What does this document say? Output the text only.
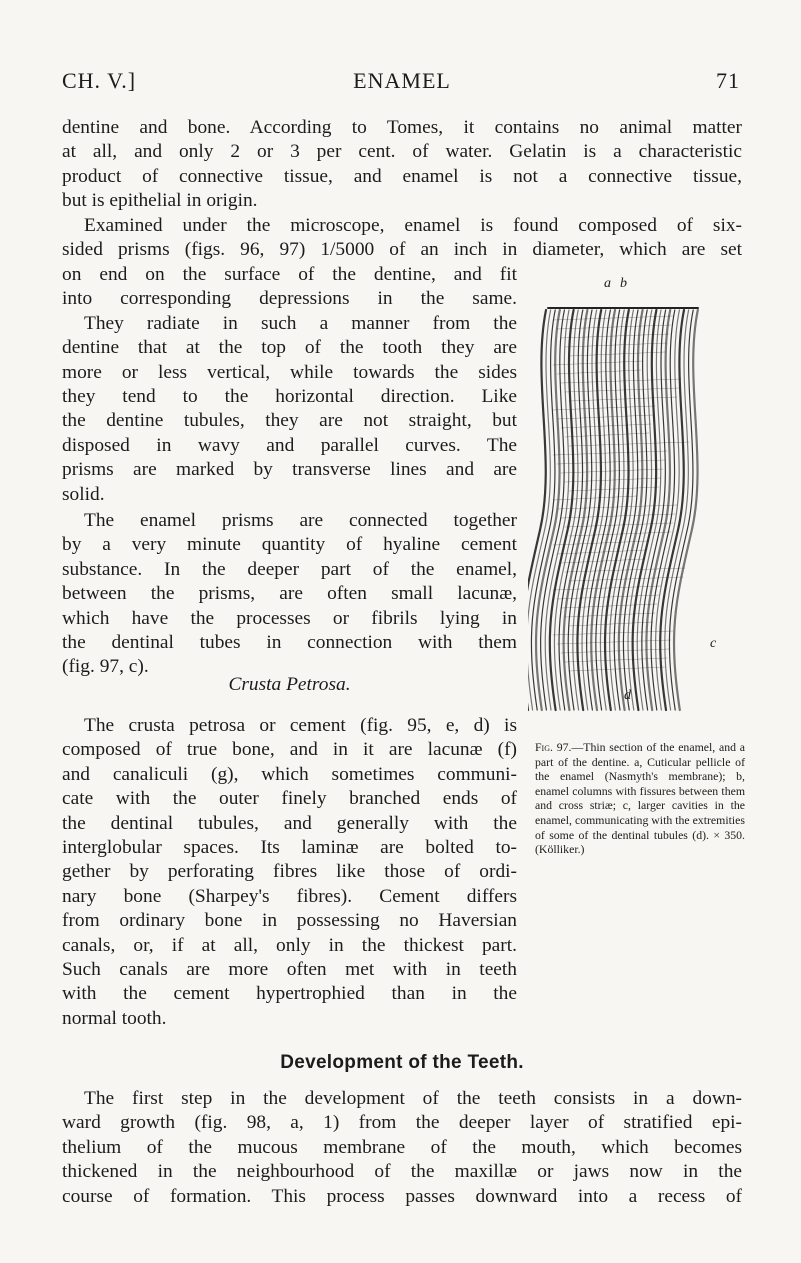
CH. V.]	ENAMEL	71
dentine and bone. According to Tomes, it contains no animal matter
at all, and only 2 or 3 per cent. of water. Gelatin is a characteristic
product of connective tissue, and enamel is not a connective tissue,
but is epithelial in origin.
Examined under the microscope, enamel is found composed of six-
sided prisms (figs. 96, 97) 1/5000 of an inch in diameter, which are set
on end on the surface of the dentine, and fit
into corresponding depressions in the same.
They radiate in such a manner from the
dentine that at the top of the tooth they are
more or less vertical, while towards the sides
they tend to the horizontal direction. Like
the dentine tubules, they are not straight, but
disposed in wavy and parallel curves. The
prisms are marked by transverse lines and are
solid.
The enamel prisms are connected together
by a very minute quantity of hyaline cement
substance. In the deeper part of the enamel,
between the prisms, are often small lacunæ,
which have the processes or fibrils lying in
the dentinal tubes in connection with them
(fig. 97, c).
Crusta Petrosa.
The crusta petrosa or cement (fig. 95, e, d) is
composed of true bone, and in it are lacunæ (f)
and canaliculi (g), which sometimes communi-
cate with the outer finely branched ends of
the dentinal tubules, and generally with the
interglobular spaces. Its laminæ are bolted to-
gether by perforating fibres like those of ordi-
nary bone (Sharpey's fibres). Cement differs
from ordinary bone in possessing no Haversian
canals, or, if at all, only in the thickest part.
Such canals are more often met with in teeth
with the cement hypertrophied than in the
normal tooth.
a b
c
d
Fig. 97.—Thin section of the enamel, and a part of the dentine. a, Cuticular pellicle of the enamel (Nasmyth's membrane); b, enamel columns with fissures between them and cross striæ; c, larger cavities in the enamel, communicating with the extremities of some of the dentinal tubules (d). × 350. (Kölliker.)
Development of the Teeth.
The first step in the development of the teeth consists in a down-
ward growth (fig. 98, a, 1) from the deeper layer of stratified epi-
thelium of the mucous membrane of the mouth, which becomes
thickened in the neighbourhood of the maxillæ or jaws now in the
course of formation. This process passes downward into a recess of
